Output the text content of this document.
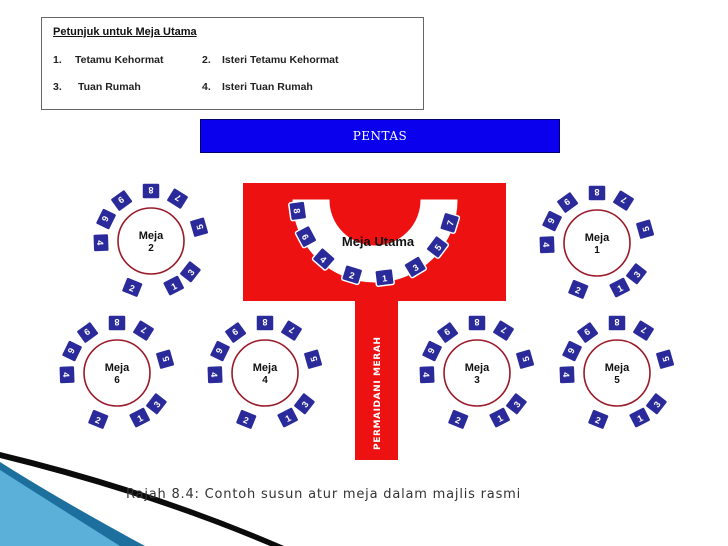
Petunjuk untuk Meja Utama
1. Tetamu Kehormat	2. Isteri Tetamu Kehormat
3. Tuan Rumah	4. Isteri Tuan Rumah
PENTAS
PERMAIDANI MERAH
Meja Utama
8
6
4
2	1
3
5
7
Meja
2
1
2
3
4
5
6
7
8
9
Meja
1
1
2
3
4
5
6
7
8
9
Meja
6
1
2
3
4
5
6
7
8
9
Meja
4
1
2
3
4
5
6
7
8
9
Meja
3
1
2
3
4
5
6
7
8
9
Meja
5
1
2
3
4
5
6
7
8
9
Rajah 8.4: Contoh susun atur meja dalam majlis rasmi
